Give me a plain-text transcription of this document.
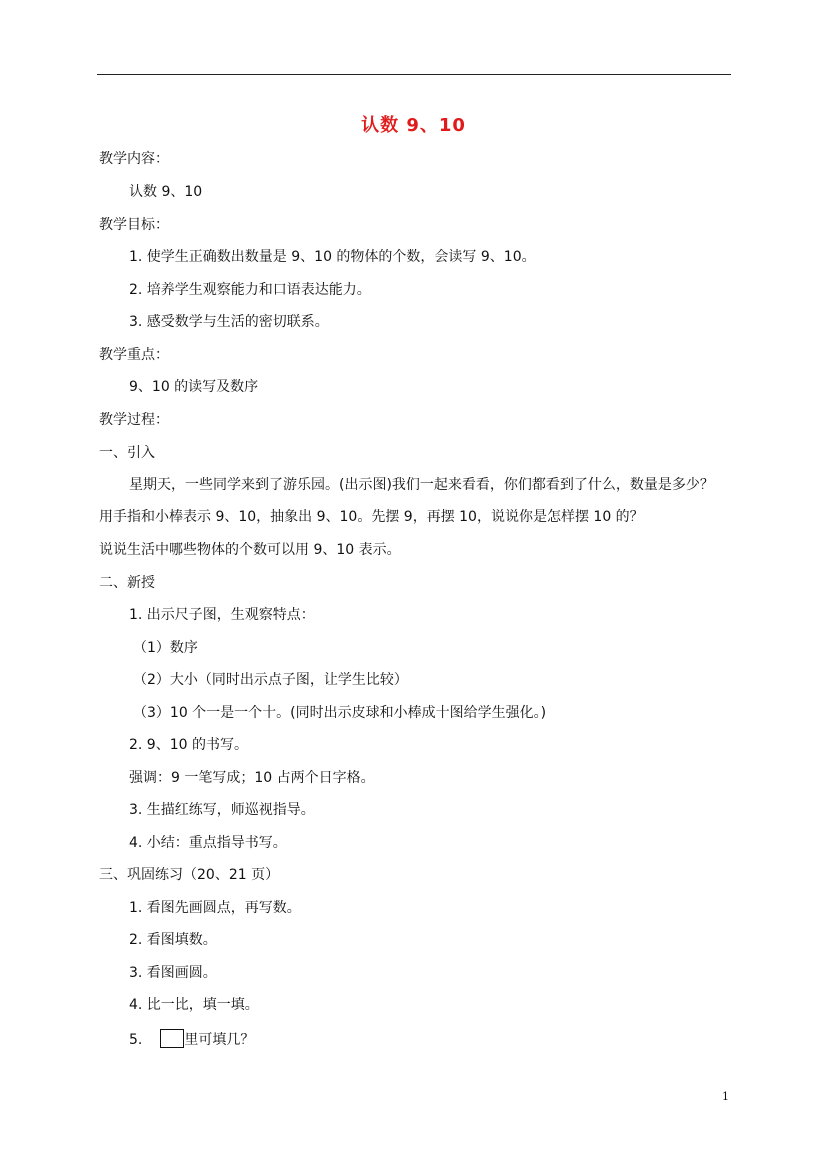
认数 9、10
教学内容：
认数 9、10
教学目标：
1. 使学生正确数出数量是 9、10 的物体的个数，会读写 9、10。
2. 培养学生观察能力和口语表达能力。
3. 感受数学与生活的密切联系。
教学重点：
9、10 的读写及数序
教学过程：
一、引入
星期天，一些同学来到了游乐园。(出示图)我们一起来看看，你们都看到了什么，数量是多少？
用手指和小棒表示 9、10，抽象出 9、10。先摆 9，再摆 10，说说你是怎样摆 10 的？
说说生活中哪些物体的个数可以用 9、10 表示。
二、新授
1. 出示尺子图，生观察特点：
（1）数序
（2）大小（同时出示点子图，让学生比较）
（3）10 个一是一个十。(同时出示皮球和小棒成十图给学生强化。)
2. 9、10 的书写。
强调：9 一笔写成；10 占两个日字格。
3. 生描红练写，师巡视指导。
4. 小结：重点指导书写。
三、巩固练习（20、21 页）
1. 看图先画圆点，再写数。
2. 看图填数。
3. 看图画圆。
4. 比一比，填一填。
5.	里可填几？
1
